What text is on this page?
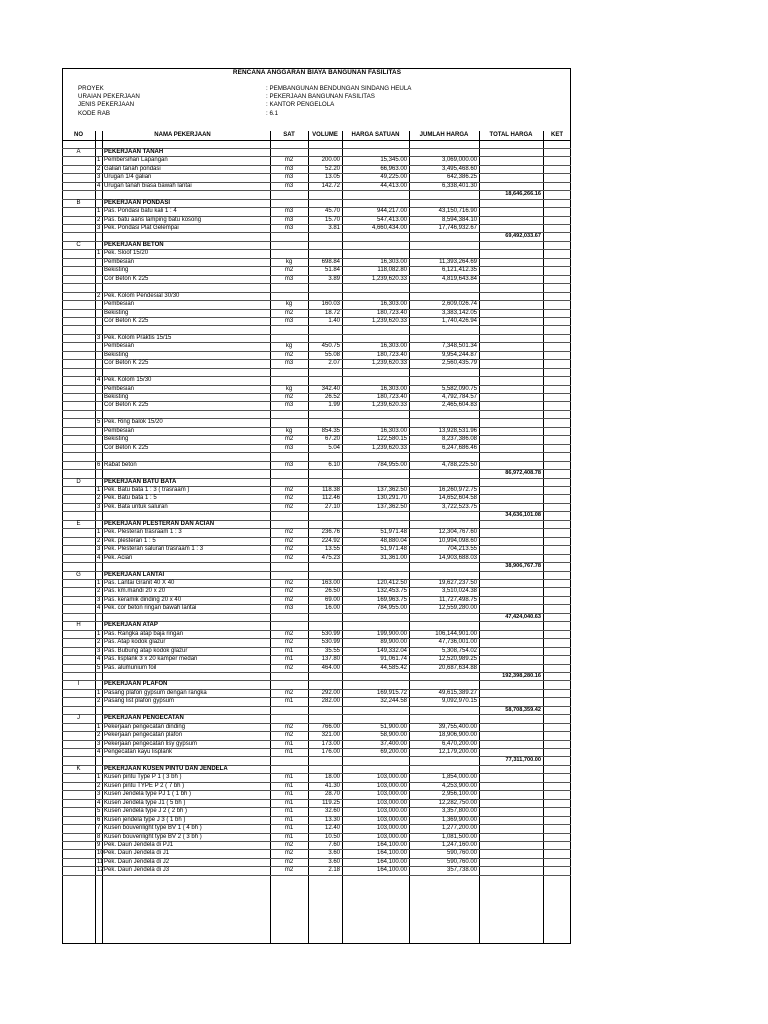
RENCANA ANGGARAN BIAYA BANGUNAN FASILITAS
PROYEK	: PEMBANGUNAN BENDUNGAN SINDANG HEULA
URAIAN PEKERJAAN	: PEKERJAAN BANGUNAN FASILITAS
JENIS PEKERJAAN	: KANTOR PENGELOLA
KODE RAB	: 6.1
NO	NAMA PEKERJAAN		SAT	VOLUME	HARGA SATUAN	JUMLAH HARGA	TOTAL HARGA	KET

A		PEKERJAAN TANAH						
	1	Pembersihan Lapangan	m2	200.00	15,345.00	3,069,000.00		
	2	Galian tanah pondasi	m3	52.20	66,963.00	3,495,468.60		
	3	Urugan 1/4 galian	m3	13.05	49,225.00	642,386.25		
	4	Urugan tanah biasa bawah lantai	m3	142.72	44,413.00	6,338,401.30		
							18,646,266.16	
B		PEKERJAAN PONDASI						
	1	Pas. Pondasi batu kali 1 : 4	m3	45.70	944,217.00	43,150,716.90		
	2	Pas. batu aans lamping batu kosong	m3	15.70	547,413.00	8,594,384.10		
	3	Pek. Pondasi Plat Gelempai	m3	3.81	4,660,434.00	17,746,932.67		
							69,492,033.67	
C		PEKERJAAN BETON						
	1	Pek. Sloof 15/20						
		Pembesian	kg	698.84	16,303.00	11,393,264.69		
		Bekisting	m2	51.84	118,082.80	6,121,412.35		
		Cor Beton K 225	m3	3.89	1,239,620.33	4,819,643.84		

	2	Pek. Kolom Pendesial 30/30						
		Pembesian	kg	160.03	16,303.00	2,609,026.74		
		Bekisting	m2	18.72	180,723.40	3,383,142.05		
		Cor Beton K 225	m3	1.40	1,239,620.33	1,740,426.94		

	3	Pek. Kolom Praktis 15/15						
		Pembesian	kg	450.75	16,303.00	7,348,501.34		
		Bekisting	m2	55.08	180,723.40	9,954,244.87		
		Cor Beton K 225	m3	2.07	1,239,620.33	2,560,435.79		

	4	Pek. Kolom 15/30						
		Pembesian	kg	342.40	16,303.00	5,582,090.75		
		Bekisting	m2	26.52	180,723.40	4,792,784.57		
		Cor Beton K 225	m3	1.99	1,239,620.33	2,465,604.83		

	5	Pek. Ring balok 15/20						
		Pembesian	kg	854.35	16,303.00	13,928,531.96		
		Bekisting	m2	67.20	122,580.15	8,237,386.08		
		Cor Beton K 225	m3	5.04	1,239,620.33	6,247,686.46		

	6	Rabat beton	m3	6.10	784,955.00	4,788,225.50		
							86,972,408.78	
D		PEKERJAAN BATU BATA						
	1	Pek. Batu bata 1 : 3 ( trasraam )	m2	118.38	137,362.50	16,260,972.75		
	2	Pek. Batu bata 1 : 5	m2	112.46	130,291.70	14,652,604.58		
	3	Pek. Bata untuk saluran	m2	27.10	137,362.50	3,722,523.75		
							34,636,101.08	
E		PEKERJAAN PLESTERAN DAN ACIAN						
	1	Pek. Plesteran trasraam 1 : 3	m2	236.76	51,971.48	12,304,767.60		
	2	Pek. plesteran 1 : 5	m2	224.92	48,880.04	10,994,098.60		
	3	Pek. Plesteran saluran trasraam 1 : 3	m2	13.55	51,971.48	704,213.55		
	4	Pek. Acian	m2	475.23	31,361.00	14,903,688.03		
							38,906,767.78	
G		PEKERJAAN LANTAI						
	1	Pas. Lantai Granit 40 X 40	m2	163.00	120,412.50	19,627,237.50		
	2	Pas. km.mandi 20 x 20	m2	26.50	132,453.75	3,510,024.38		
	3	Pas. keramik dinding 20 x 40	m2	69.00	169,963.75	11,727,498.75		
	4	Pek. cor beton ringan bawah lantai	m3	16.00	784,955.00	12,559,280.00		
							47,424,040.63	
H		PEKERJAAN ATAP						
	1	Pas. Rangka atap baja ringan	m2	530.99	199,900.00	106,144,901.00		
	2	Pas. Atap kodok glazur	m2	530.99	89,900.00	47,736,001.00		
	3	Pas. Bubung atap kodok glazur	m1	35.55	149,332.04	5,308,754.02		
	4	Pas. lisplank 3 x 20 kamper medan	m1	137.80	91,061.74	12,520,989.25		
	5	Pas. alumunium foil	m2	464.00	44,585.42	20,687,634.88		
							192,398,280.16	
I		PEKERJAAN PLAFON						
	1	Pasang plafon gypsum dengan rangka	m2	292.00	169,915.72	49,615,389.27		
	2	Pasang list plafon gypsum	m1	282.00	32,244.58	9,092,970.15		
							58,708,359.42	
J		PEKERJAAN PENGECATAN						
	1	Pekerjaan pengecatan dinding	m2	766.00	51,900.00	39,755,400.00		
	2	Pekerjaan pengecatan plafon	m2	321.00	58,900.00	18,906,900.00		
	3	Pekerjaan pengecatan lisy gypsum	m1	173.00	37,400.00	6,470,200.00		
	4	Pengecatan kayu lisplank	m1	176.00	69,200.00	12,179,200.00		
							77,311,700.00	
K		PEKERJAAN KUSEN PINTU DAN JENDELA						
	1	Kusen pintu Type P 1 ( 3 bh )	m1	18.00	103,000.00	1,854,000.00		
	2	Kusen pintu TYPE P 2 ( 7 bh )	m1	41.30	103,000.00	4,253,900.00		
	3	Kusen Jendela type PJ 1 ( 1 bh )	m1	28.70	103,000.00	2,956,100.00		
	4	Kusen Jendela type J1 ( 5 bh )	m1	119.25	103,000.00	12,282,750.00		
	5	Kusen Jendela type J 2 ( 2 bh )	m1	32.60	103,000.00	3,357,800.00		
	6	Kusen jendela type J 3 ( 1 bh )	m1	13.30	103,000.00	1,369,900.00		
	7	Kusen bouvenlight type BV 1 ( 4 bh )	m1	12.40	103,000.00	1,277,200.00		
	8	Kusen bouvenlight type BV 2 ( 3 bh )	m1	10.50	103,000.00	1,081,500.00		
	9	Pek. Daun Jendela di PJ1	m2	7.60	164,100.00	1,247,160.00		
	10	Pek. Daun Jendela di J1	m2	3.60	164,100.00	590,760.00		
	11	Pek. Daun Jendela di J2	m2	3.60	164,100.00	590,760.00		
	12	Pek. Daun Jendela di J3	m2	2.18	164,100.00	357,738.00		
